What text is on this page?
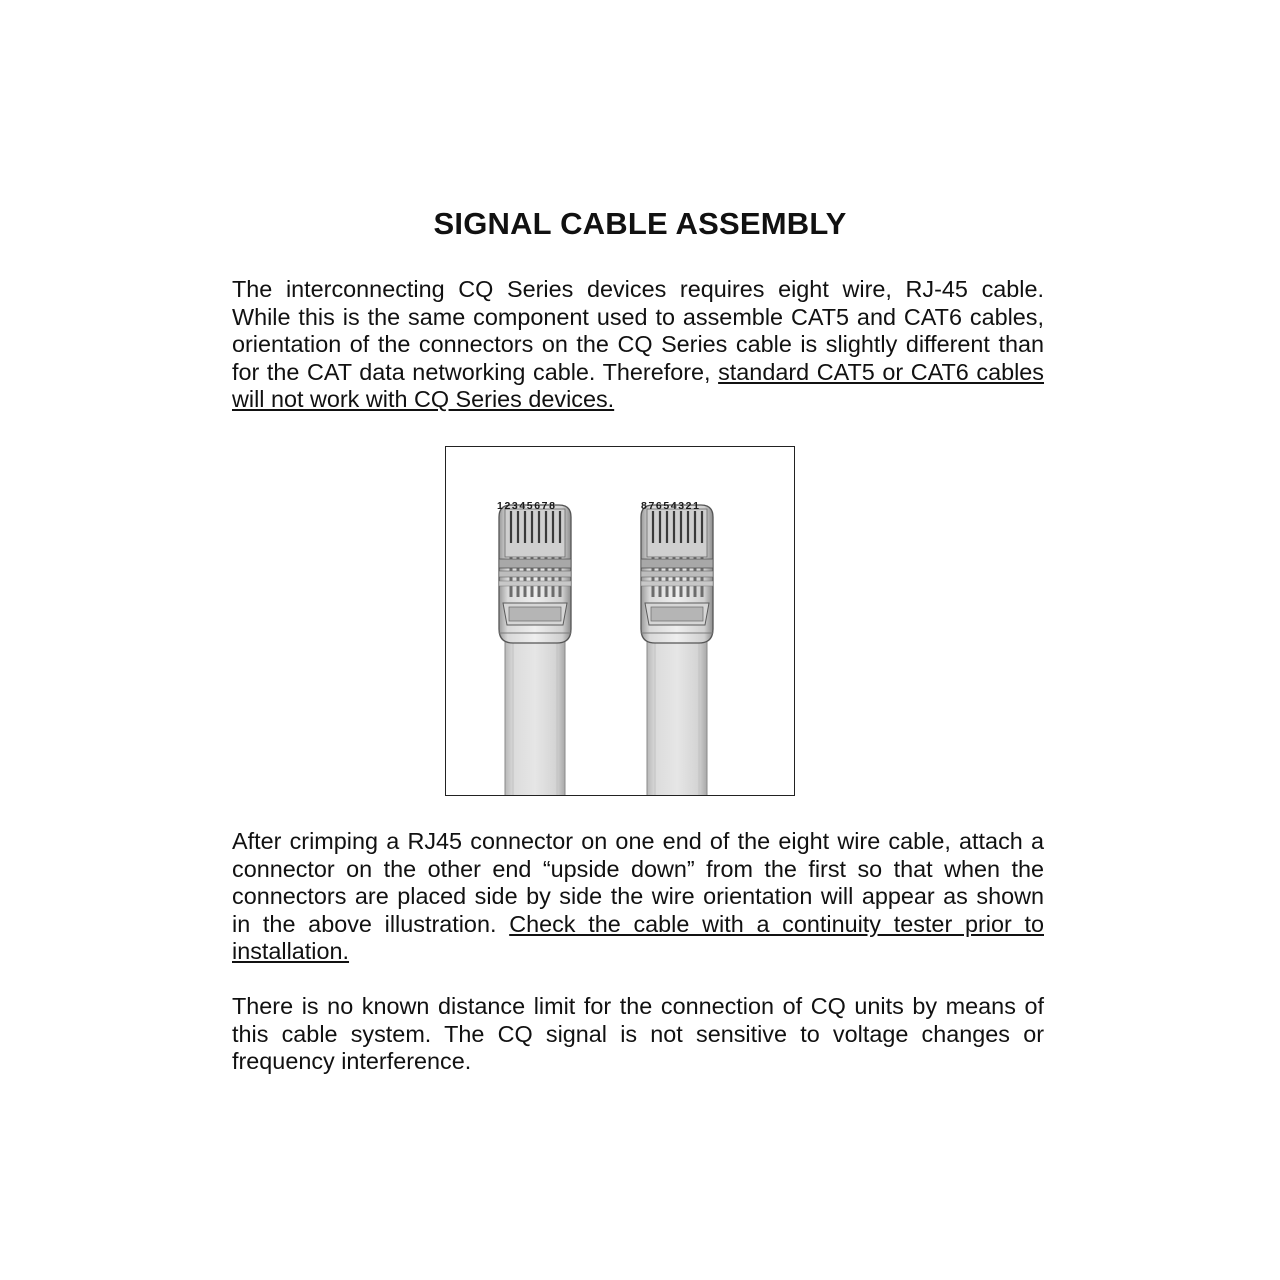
SIGNAL CABLE ASSEMBLY

The interconnecting CQ Series devices requires eight wire, RJ-45 cable. While this is the same component used to assemble CAT5 and CAT6 cables, orientation of the connectors on the CQ Series cable is slightly different than for the CAT data networking cable. Therefore, standard CAT5 or CAT6 cables will not work with CQ Series devices.

12345678	87654321

After crimping a RJ45 connector on one end of the eight wire cable, attach a connector on the other end “upside down” from the first so that when the connectors are placed side by side the wire orientation will appear as shown in the above illustration. Check the cable with a continuity tester prior to installation.

There is no known distance limit for the connection of CQ units by means of this cable system. The CQ signal is not sensitive to voltage changes or frequency interference.
